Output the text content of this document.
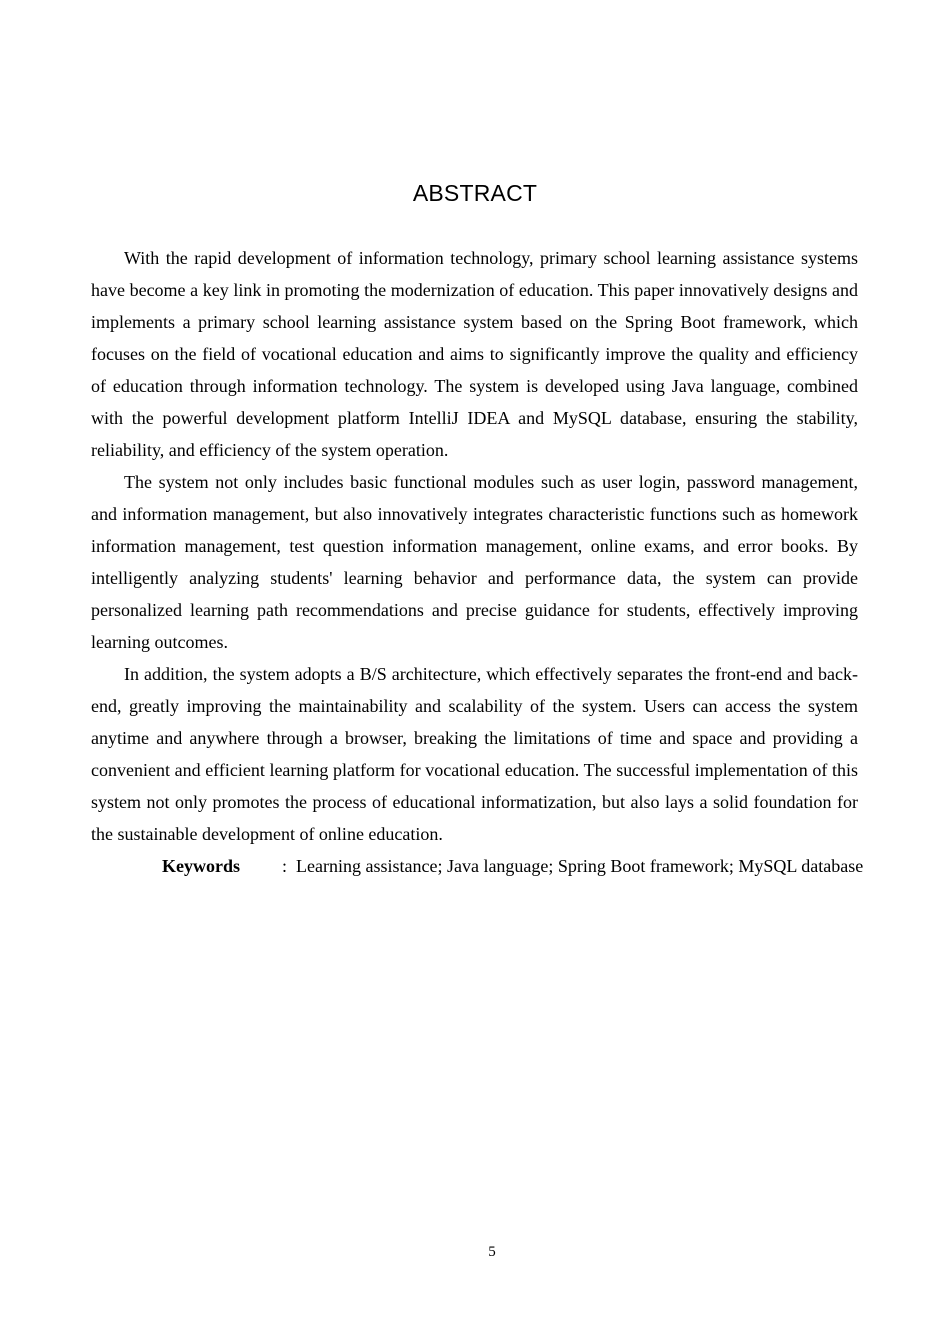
ABSTRACT

With the rapid development of information technology, primary school learning assistance systems have become a key link in promoting the modernization of education. This paper innovatively designs and implements a primary school learning assistance system based on the Spring Boot framework, which focuses on the field of vocational education and aims to significantly improve the quality and efficiency of education through information technology. The system is developed using Java language, combined with the powerful development platform IntelliJ IDEA and MySQL database, ensuring the stability, reliability, and efficiency of the system operation.

The system not only includes basic functional modules such as user login, password management, and information management, but also innovatively integrates characteristic functions such as homework information management, test question information management, online exams, and error books. By intelligently analyzing students' learning behavior and performance data, the system can provide personalized learning path recommendations and precise guidance for students, effectively improving learning outcomes.

In addition, the system adopts a B/S architecture, which effectively separates the front-end and back-end, greatly improving the maintainability and scalability of the system. Users can access the system anytime and anywhere through a browser, breaking the limitations of time and space and providing a convenient and efficient learning platform for vocational education. The successful implementation of this system not only promotes the process of educational informatization, but also lays a solid foundation for the sustainable development of online education.

Keywords : Learning assistance; Java language; Spring Boot framework; MySQL database

5
